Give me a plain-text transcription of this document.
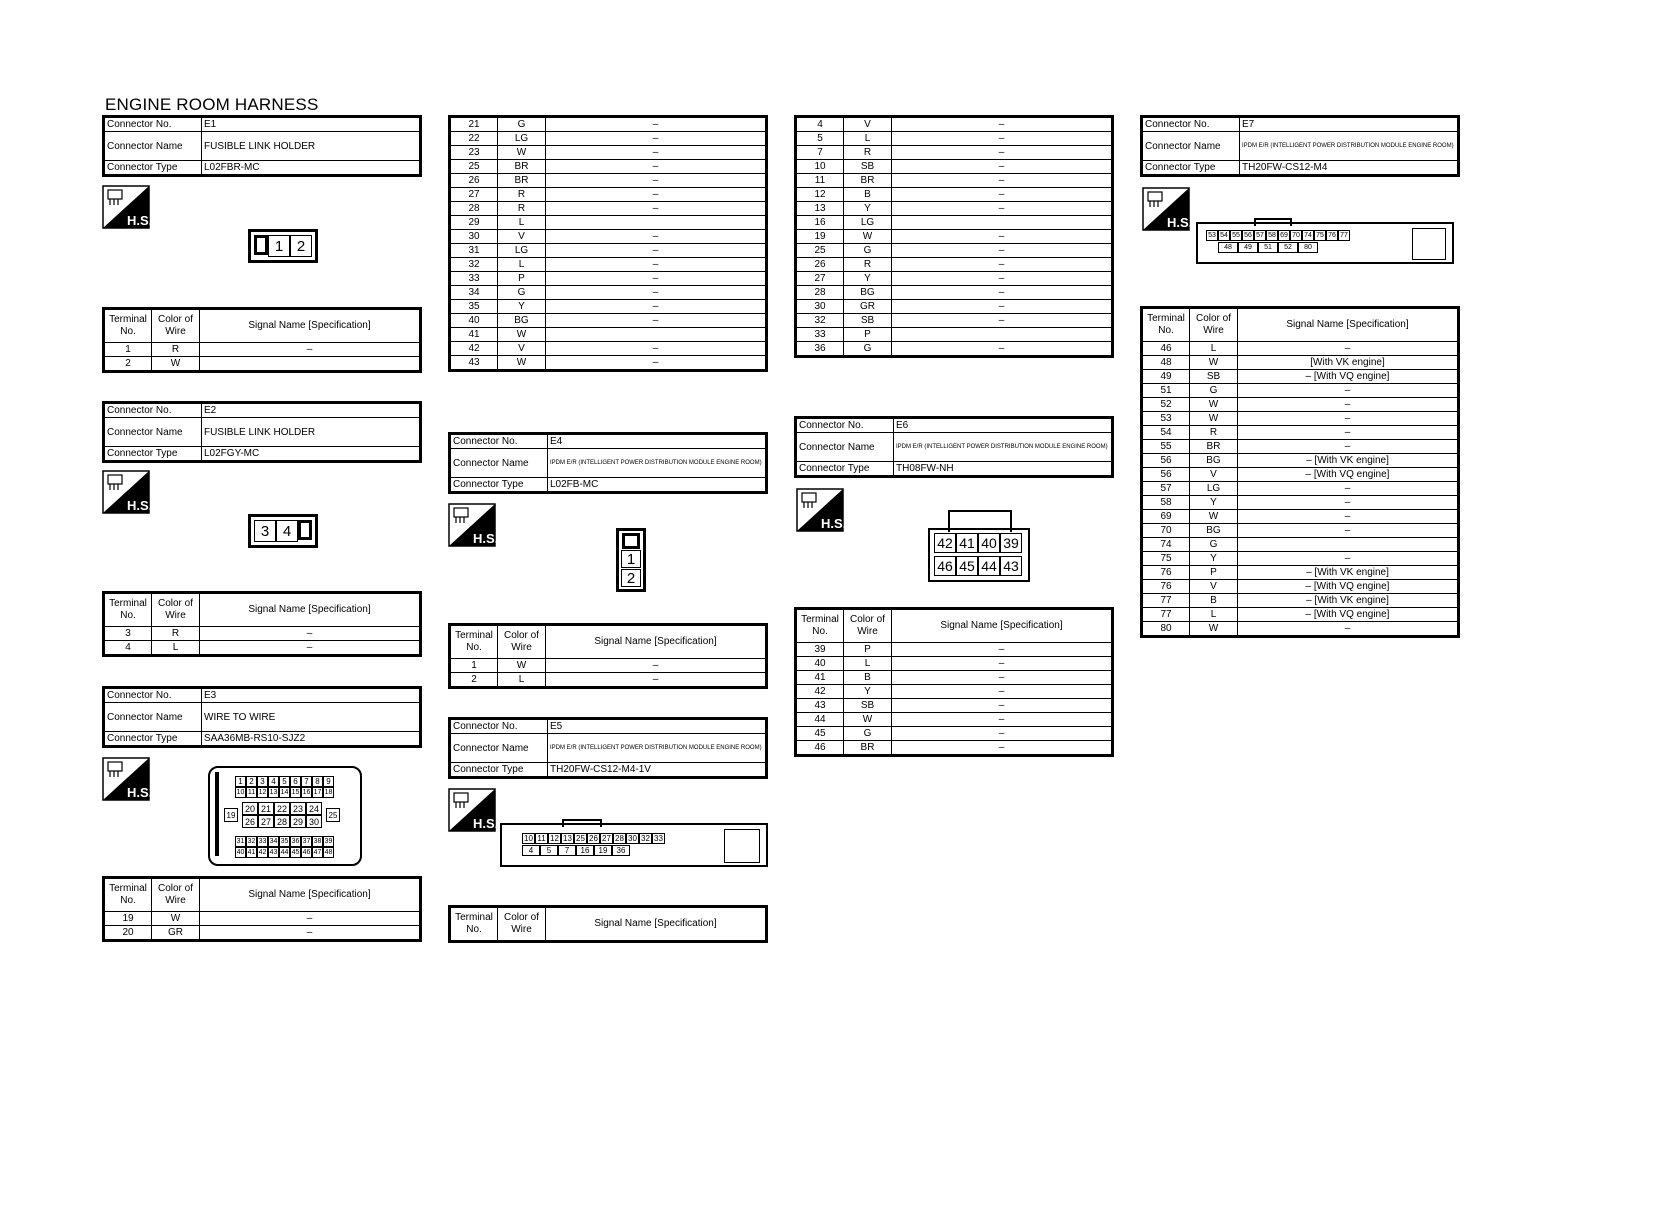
ENGINE ROOM HARNESS
Connector No.	E1
Connector Name	FUSIBLE LINK HOLDER
Connector Type	L02FBR-MC
H.S.
1 2
Terminal No.	Color of Wire	Signal Name [Specification]
1	R	–
2	W	
Connector No.	E2
Connector Name	FUSIBLE LINK HOLDER
Connector Type	L02FGY-MC
H.S.
3 4
Terminal No.	Color of Wire	Signal Name [Specification]
3	R	–
4	L	–
Connector No.	E3
Connector Name	WIRE TO WIRE
Connector Type	SAA36MB-RS10-SJZ2
H.S.
1 2 3 4 5 6 7 8 9
10 11 12 13 14 15 16 17 18
19
20 21 22 23 24
26 27 28 29 30
25
31 32 33 34 35 36 37 38 39
40 41 42 43 44 45 46 47 48
Terminal No.	Color of Wire	Signal Name [Specification]
19	W	–
20	GR	–
21	G	–
22	LG	–
23	W	–
25	BR	–
26	BR	–
27	R	–
28	R	–
29	L	
30	V	–
31	LG	–
32	L	–
33	P	–
34	G	–
35	Y	–
40	BG	–
41	W	
42	V	–
43	W	–
Connector No.	E4
Connector Name	IPDM E/R (INTELLIGENT POWER DISTRIBUTION MODULE ENGINE ROOM)
Connector Type	L02FB-MC
H.S.
1
2
Terminal No.	Color of Wire	Signal Name [Specification]
1	W	–
2	L	–
Connector No.	E5
Connector Name	IPDM E/R (INTELLIGENT POWER DISTRIBUTION MODULE ENGINE ROOM)
Connector Type	TH20FW-CS12-M4-1V
H.S.
10 11 12 13 25 26 27 28 30 32 33
4	5	7	16	19	36
Terminal No.	Color of Wire	Signal Name [Specification]
4	V	–
5	L	–
7	R	–
10	SB	–
11	BR	–
12	B	–
13	Y	–
16	LG	
19	W	–
25	G	–
26	R	–
27	Y	–
28	BG	–
30	GR	–
32	SB	–
33	P	
36	G	–
Connector No.	E6
Connector Name	IPDM E/R (INTELLIGENT POWER DISTRIBUTION MODULE ENGINE ROOM)
Connector Type	TH08FW-NH
H.S.
42 41 40 39
46 45 44 43
Terminal No.	Color of Wire	Signal Name [Specification]
39	P	–
40	L	–
41	B	–
42	Y	–
43	SB	–
44	W	–
45	G	–
46	BR	–
Connector No.	E7
Connector Name	IPDM E/R (INTELLIGENT POWER DISTRIBUTION MODULE ENGINE ROOM)
Connector Type	TH20FW-CS12-M4
H.S.
53 54 55 56 57 58 69 70 74 75 76 77
48	49	51	52	80
Terminal No.	Color of Wire	Signal Name [Specification]
46	L	–
48	W	[With VK engine]
49	SB	– [With VQ engine]
51	G	–
52	W	–
53	W	–
54	R	–
55	BR	–
56	BG	– [With VK engine]
56	V	– [With VQ engine]
57	LG	–
58	Y	–
69	W	–
70	BG	–
74	G	
75	Y	–
76	P	– [With VK engine]
76	V	– [With VQ engine]
77	B	– [With VK engine]
77	L	– [With VQ engine]
80	W	–
